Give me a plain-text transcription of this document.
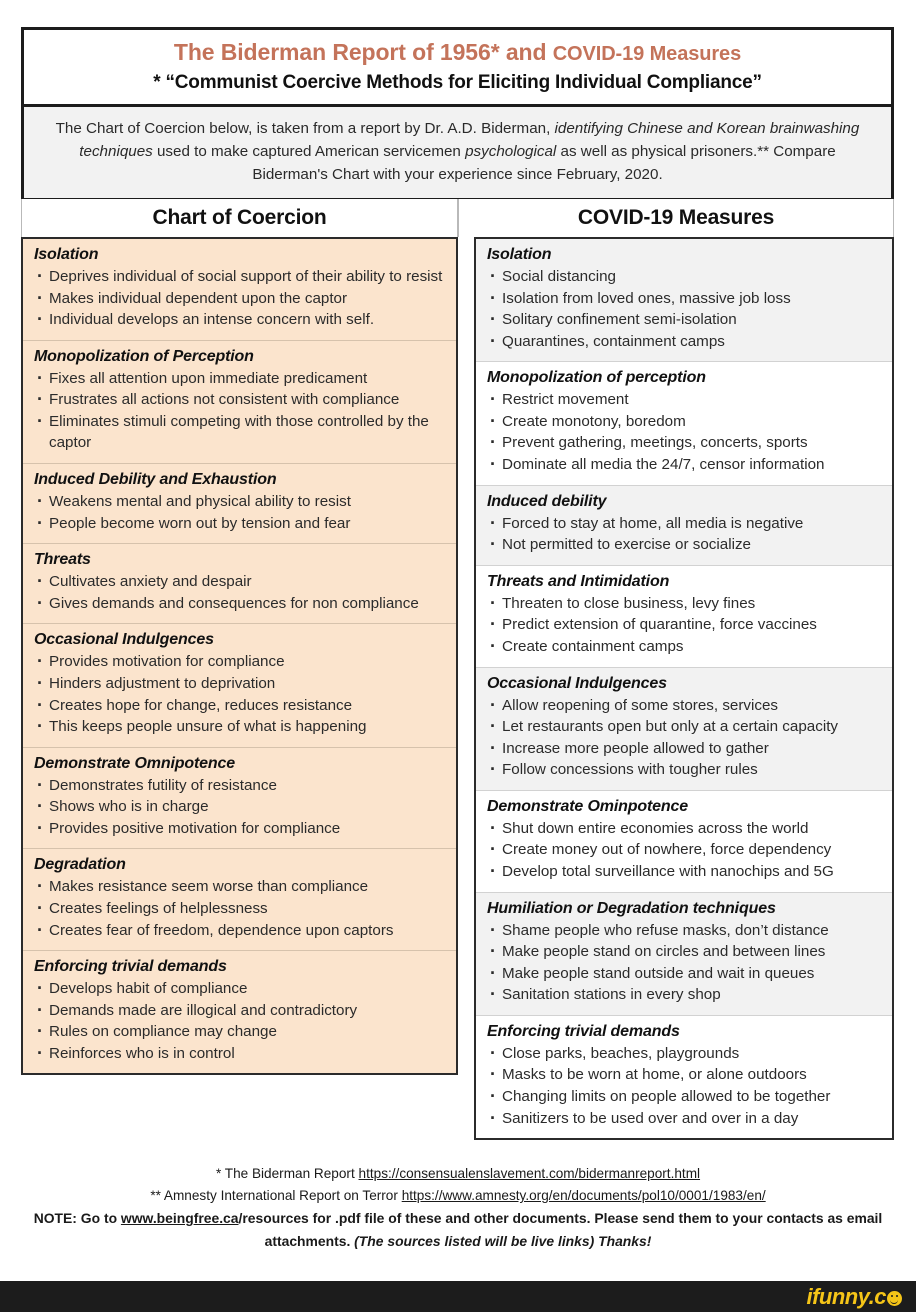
The Biderman Report of 1956* and COVID-19 Measures
* “Communist Coercive Methods for Eliciting Individual Compliance”
The Chart of Coercion below, is taken from a report by Dr. A.D. Biderman, identifying Chinese and Korean brainwashing techniques used to make captured American servicemen psychological as well as physical prisoners.** Compare Biderman's Chart with your experience since February, 2020.
Chart of Coercion	COVID-19 Measures
Isolation
· Deprives individual of social support of their ability to resist
· Makes individual dependent upon the captor
· Individual develops an intense concern with self.
Monopolization of Perception
· Fixes all attention upon immediate predicament
· Frustrates all actions not consistent with compliance
· Eliminates stimuli competing with those controlled by the captor
Induced Debility and Exhaustion
· Weakens mental and physical ability to resist
· People become worn out by tension and fear
Threats
· Cultivates anxiety and despair
· Gives demands and consequences for non compliance
Occasional Indulgences
· Provides motivation for compliance
· Hinders adjustment to deprivation
· Creates hope for change, reduces resistance
· This keeps people unsure of what is happening
Demonstrate Omnipotence
· Demonstrates futility of resistance
· Shows who is in charge
· Provides positive motivation for compliance
Degradation
· Makes resistance seem worse than compliance
· Creates feelings of helplessness
· Creates fear of freedom, dependence upon captors
Enforcing trivial demands
· Develops habit of compliance
· Demands made are illogical and contradictory
· Rules on compliance may change
· Reinforces who is in control
Isolation
· Social distancing
· Isolation from loved ones, massive job loss
· Solitary confinement semi-isolation
· Quarantines, containment camps
Monopolization of perception
· Restrict movement
· Create monotony, boredom
· Prevent gathering, meetings, concerts, sports
· Dominate all media the 24/7, censor information
Induced debility
· Forced to stay at home, all media is negative
· Not permitted to exercise or socialize
Threats and Intimidation
· Threaten to close business, levy fines
· Predict extension of quarantine, force vaccines
· Create containment camps
Occasional Indulgences
· Allow reopening of some stores, services
· Let restaurants open but only at a certain capacity
· Increase more people allowed to gather
· Follow concessions with tougher rules
Demonstrate Ominpotence
· Shut down entire economies across the world
· Create money out of nowhere, force dependency
· Develop total surveillance with nanochips and 5G
Humiliation or Degradation techniques
· Shame people who refuse masks, don’t distance
· Make people stand on circles and between lines
· Make people stand outside and wait in queues
· Sanitation stations in every shop
Enforcing trivial demands
· Close parks, beaches, playgrounds
· Masks to be worn at home, or alone outdoors
· Changing limits on people allowed to be together
· Sanitizers to be used over and over in a day
* The Biderman Report https://consensualenslavement.com/bidermanreport.html
** Amnesty International Report on Terror https://www.amnesty.org/en/documents/pol10/0001/1983/en/
NOTE: Go to www.beingfree.ca/resources for .pdf file of these and other documents. Please send them to your contacts as email attachments. (The sources listed will be live links) Thanks!
ifunny.c
